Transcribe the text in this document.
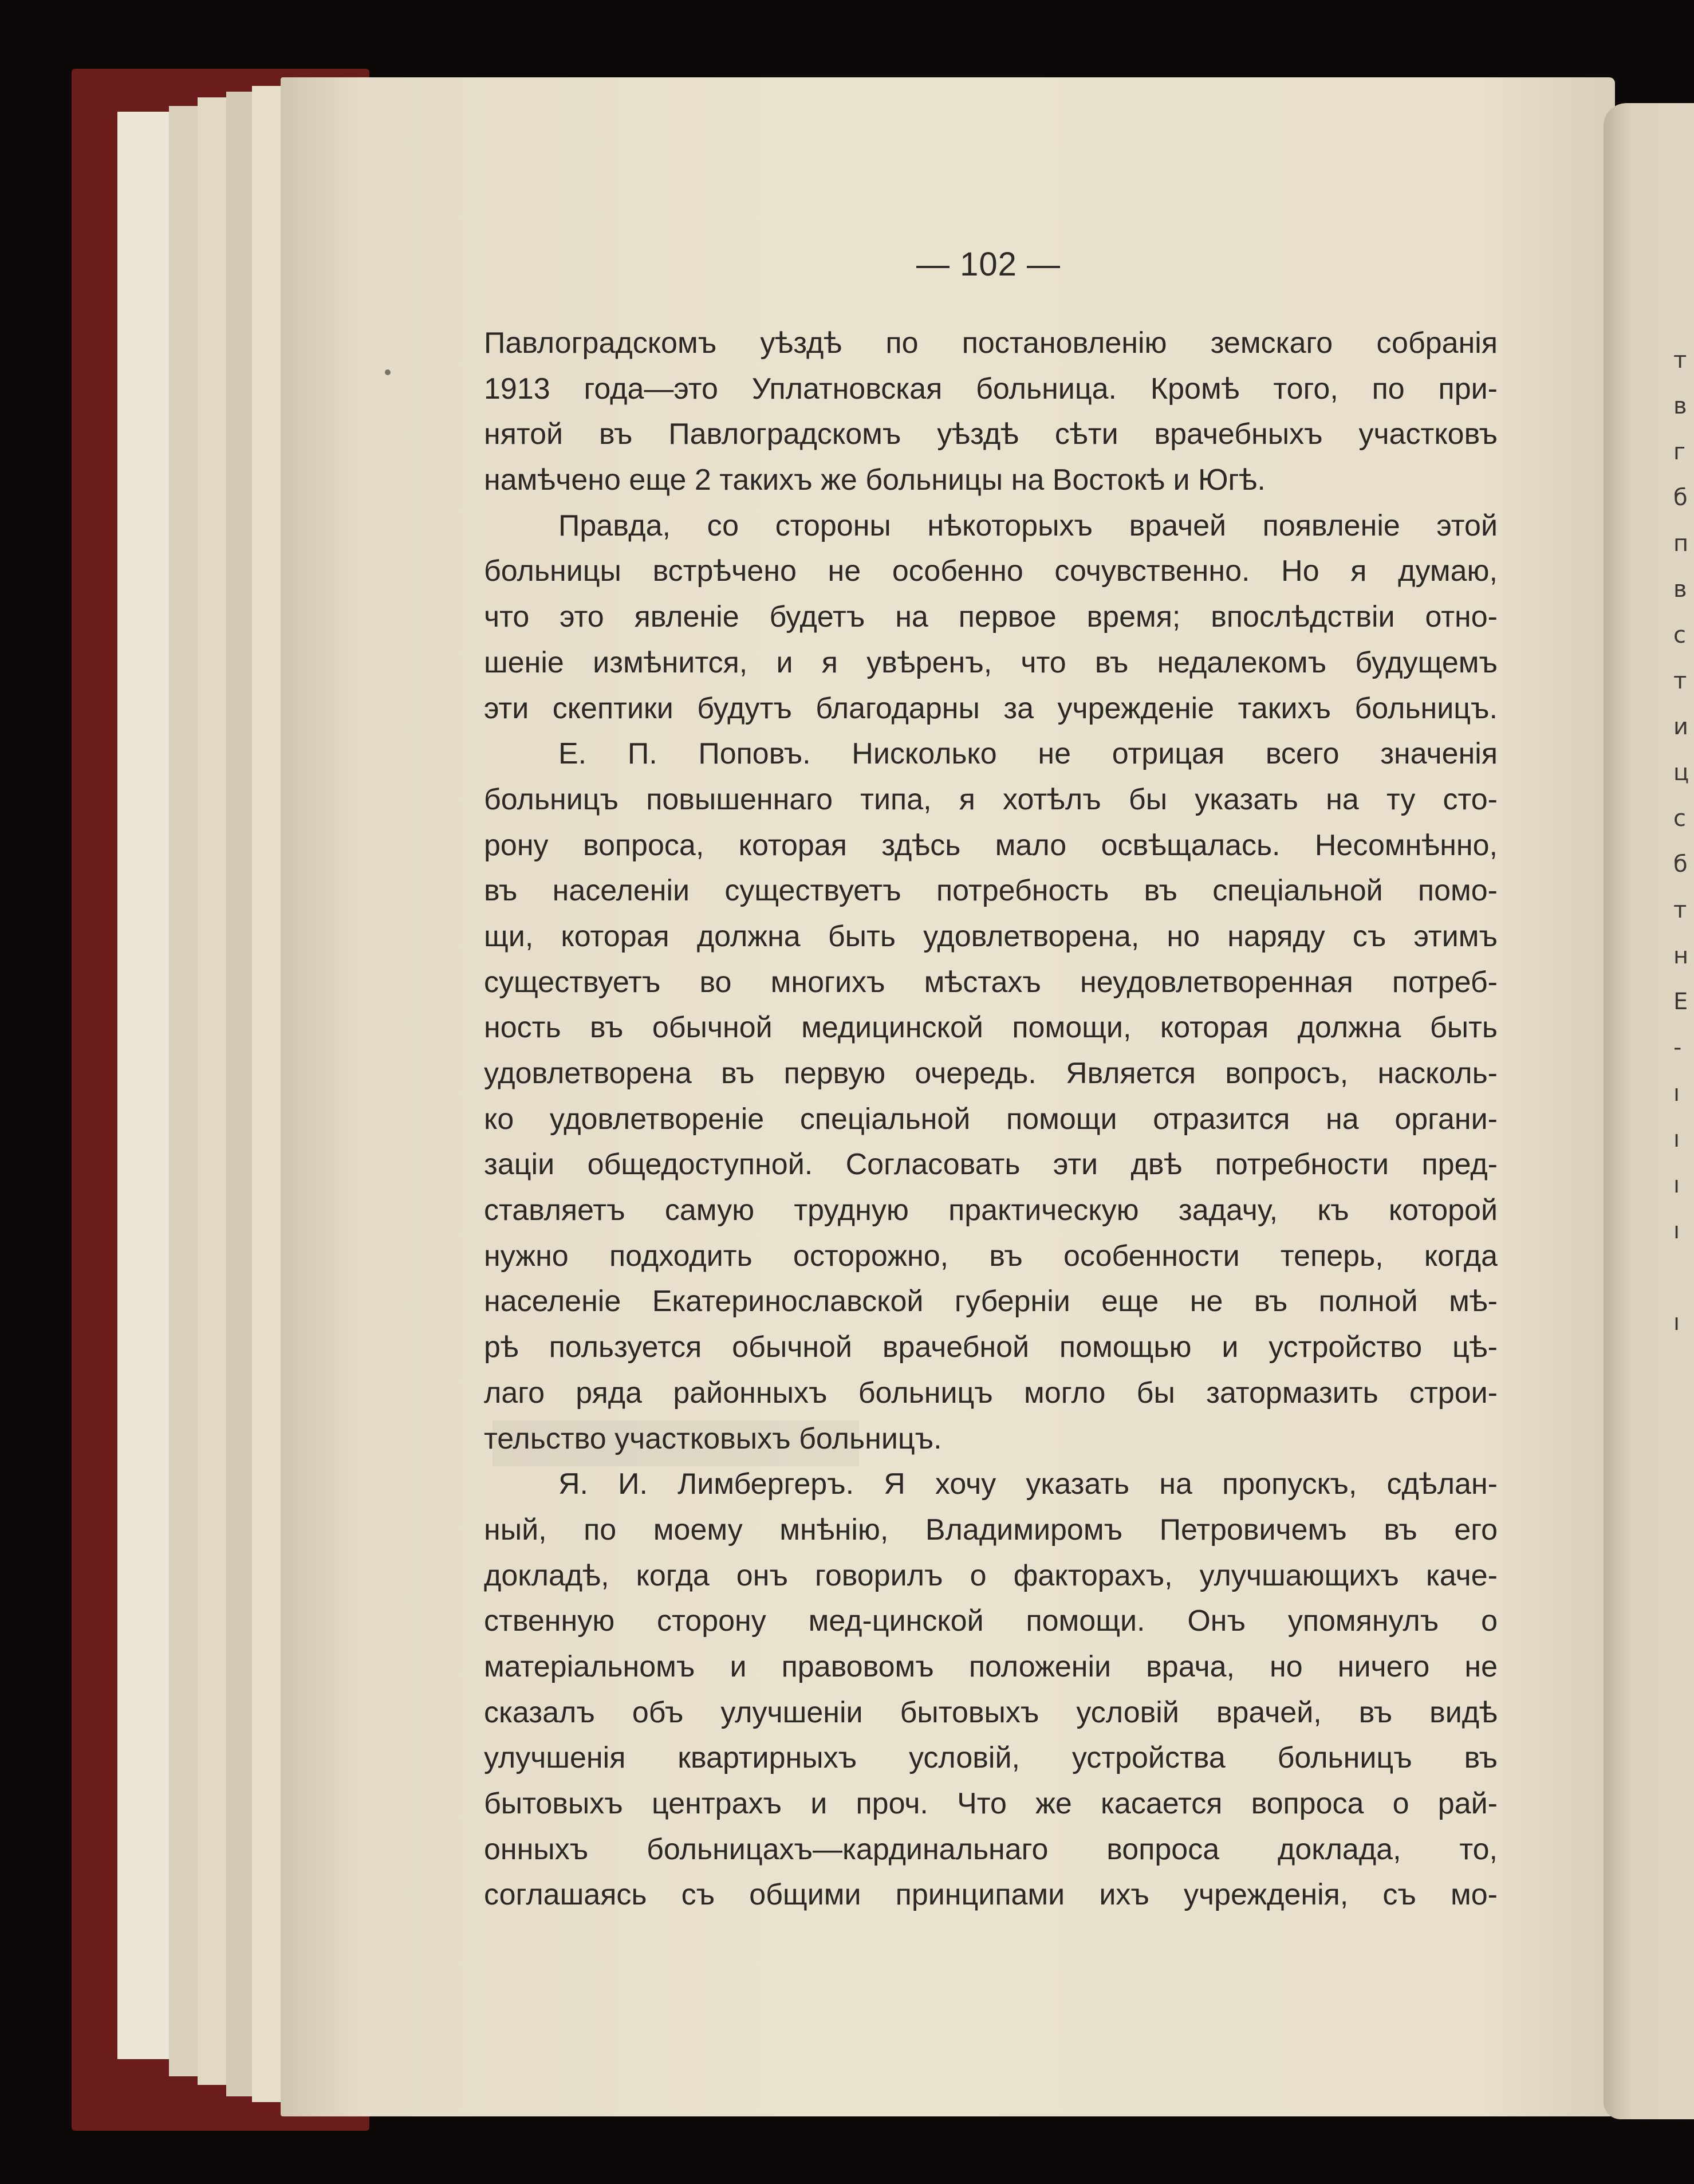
т
в
г
б
п
в
с
т
и
ц
с
б
т
н
Е
-
ı
ı
ı
ı
ı
— 102 —
Павлоградскомъ уѣздѣ по постановленію земскаго собранія
1913 года—это Уплатновская больница. Кромѣ того, по при-
нятой въ Павлоградскомъ уѣздѣ сѣти врачебныхъ участковъ
намѣчено еще 2 такихъ же больницы на Востокѣ и Югѣ.
Правда, со стороны нѣкоторыхъ врачей появленіе этой
больницы встрѣчено не особенно сочувственно. Но я думаю,
что это явленіе будетъ на первое время; впослѣдствіи отно-
шеніе измѣнится, и я увѣренъ, что въ недалекомъ будущемъ
эти скептики будутъ благодарны за учрежденіе такихъ больницъ.
Е. П. Поповъ. Нисколько не отрицая всего значенія
больницъ повышеннаго типа, я хотѣлъ бы указать на ту сто-
рону вопроса, которая здѣсь мало освѣщалась. Несомнѣнно,
въ населеніи существуетъ потребность въ спеціальной помо-
щи, которая должна быть удовлетворена, но наряду съ этимъ
существуетъ во многихъ мѣстахъ неудовлетворенная потреб-
ность въ обычной медицинской помощи, которая должна быть
удовлетворена въ первую очередь. Является вопросъ, насколь-
ко удовлетвореніе спеціальной помощи отразится на органи-
заціи общедоступной. Согласовать эти двѣ потребности пред-
ставляетъ самую трудную практическую задачу, къ которой
нужно подходить осторожно, въ особенности теперь, когда
населеніе Екатеринославской губерніи еще не въ полной мѣ-
рѣ пользуется обычной врачебной помощью и устройство цѣ-
лаго ряда районныхъ больницъ могло бы затормазить строи-
тельство участковыхъ больницъ.
Я. И. Лимбергеръ. Я хочу указать на пропускъ, сдѣлан-
ный, по моему мнѣнію, Владимиромъ Петровичемъ въ его
докладѣ, когда онъ говорилъ о факторахъ, улучшающихъ каче-
ственную сторону мед-цинской помощи. Онъ упомянулъ о
матеріальномъ и правовомъ положеніи врача, но ничего не
сказалъ объ улучшеніи бытовыхъ условій врачей, въ видѣ
улучшенія квартирныхъ условій, устройства больницъ въ
бытовыхъ центрахъ и проч. Что же касается вопроса о рай-
онныхъ больницахъ—кардинальнаго вопроса доклада, то,
соглашаясь съ общими принципами ихъ учрежденія, съ мо-
